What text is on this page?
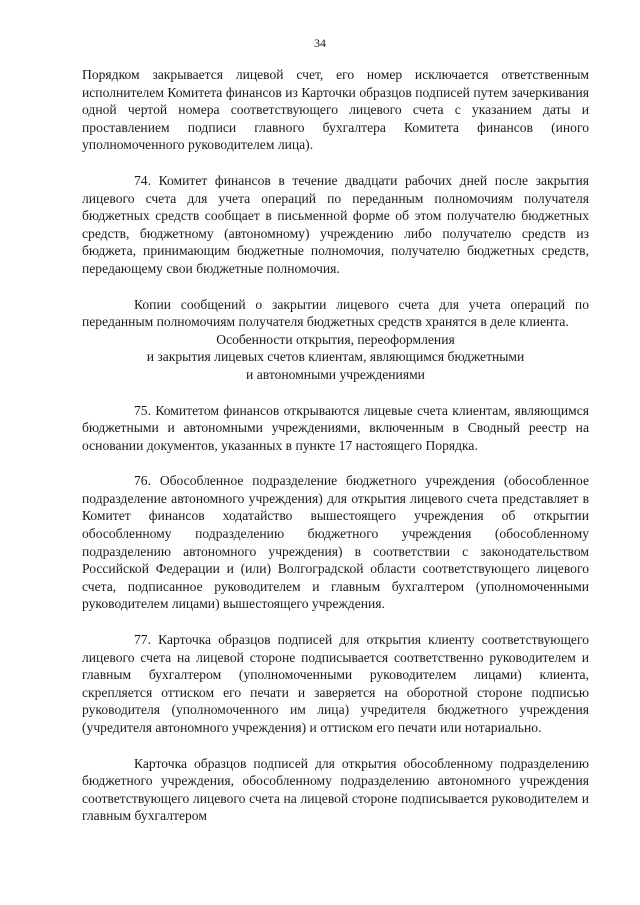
34

Порядком закрывается лицевой счет, его номер исключается ответственным исполнителем Комитета финансов из Карточки образцов подписей путем зачеркивания одной чертой номера соответствующего лицевого счета с указанием даты и проставлением подписи главного бухгалтера Комитета финансов (иного уполномоченного руководителем лица).

74. Комитет финансов в течение двадцати рабочих дней после закрытия лицевого счета для учета операций по переданным полномочиям получателя бюджетных средств сообщает в письменной форме об этом получателю бюджетных средств, бюджетному (автономному) учреждению либо получателю средств из бюджета, принимающим бюджетные полномочия, получателю бюджетных средств, передающему свои бюджетные полномочия.

Копии сообщений о закрытии лицевого счета для учета операций по переданным полномочиям получателя бюджетных средств хранятся в деле клиента.

Особенности открытия, переоформления
и закрытия лицевых счетов клиентам, являющимся бюджетными
и автономными учреждениями

75. Комитетом финансов открываются лицевые счета клиентам, являющимся бюджетными и автономными учреждениями, включенным в Сводный реестр на основании документов, указанных в пункте 17 настоящего Порядка.

76. Обособленное подразделение бюджетного учреждения (обособленное подразделение автономного учреждения) для открытия лицевого счета представляет в Комитет финансов ходатайство вышестоящего учреждения об открытии обособленному подразделению бюджетного учреждения (обособленному подразделению автономного учреждения) в соответствии с законодательством Российской Федерации и (или) Волгоградской области соответствующего лицевого счета, подписанное руководителем и главным бухгалтером (уполномоченными руководителем лицами) вышестоящего учреждения.

77. Карточка образцов подписей для открытия клиенту соответствующего лицевого счета на лицевой стороне подписывается соответственно руководителем и главным бухгалтером (уполномоченными руководителем лицами) клиента, скрепляется оттиском его печати и заверяется на оборотной стороне подписью руководителя (уполномоченного им лица) учредителя бюджетного учреждения (учредителя автономного учреждения) и оттиском его печати или нотариально.

Карточка образцов подписей для открытия обособленному подразделению бюджетного учреждения, обособленному подразделению автономного учреждения соответствующего лицевого счета на лицевой стороне подписывается руководителем и главным бухгалтером
